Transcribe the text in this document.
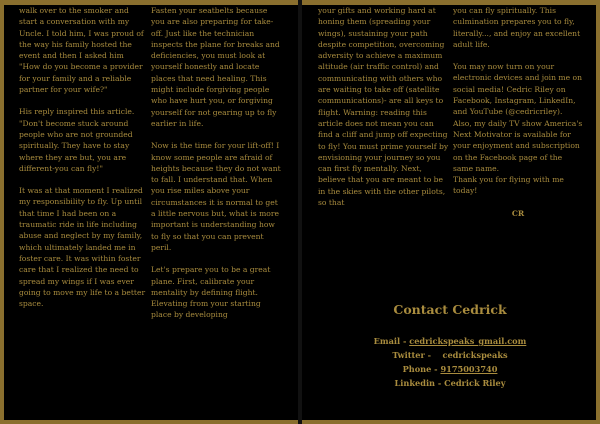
walk over to the smoker and start a conversation with my Uncle. I told him, I was proud of the way his family hosted the event and then I asked him "How do you become a provider for your family and a reliable partner for your wife?"

His reply inspired this article. "Don't become stuck around people who are not grounded spiritually. They have to stay where they are but, you are different-you can fly!"

It was at that moment I realized my responsibility to fly. Up until that time I had been on a traumatic ride in life including abuse and neglect by my family, which ultimately landed me in foster care. It was within foster care that I realized the need to spread my wings if I was ever going to move my life to a better space.

Fasten your seatbelts because you are also preparing for take-off. Just like the technician inspects the plane for breaks and deficiencies, you must look at yourself honestly and locate places that need healing. This might include forgiving people who have hurt you, or forgiving yourself for not gearing up to fly earlier in life.

Now is the time for your lift-off! I know some people are afraid of heights because they do not want to fall. I understand that. When you rise miles above your circumstances it is normal to get a little nervous but, what is more important is understanding how to fly so that you can prevent peril.

Let's prepare you to be a great plane. First, calibrate your mentality by defining flight. Elevating from your starting place by developing

your gifts and working hard at honing them (spreading your wings), sustaining your path despite competition, overcoming adversity to achieve a maximum altitude (air traffic control) and communicating with others who are waiting to take off (satellite communications)- are all keys to flight. Warning: reading this article does not mean you can find a cliff and jump off expecting to fly! You must prime yourself by envisioning your journey so you can first fly mentally. Next, believe that you are meant to be in the skies with the other pilots, so that

you can fly spiritually. This culmination prepares you to fly, literally..., and enjoy an excellent adult life.

You may now turn on your electronic devices and join me on social media! Cedric Riley on Facebook, Instagram, LinkedIn, and YouTube (@cedricriley). Also, my daily TV show America's Next Motivator is available for your enjoyment and subscription on the Facebook page of the same name.
Thank you for flying with me today!

CR

Contact Cedrick
Email - cedrickspeaks_gmail.com
Twitter - cedrickspeaks
Phone - 9175003740
Linkedin - Cedrick Riley
